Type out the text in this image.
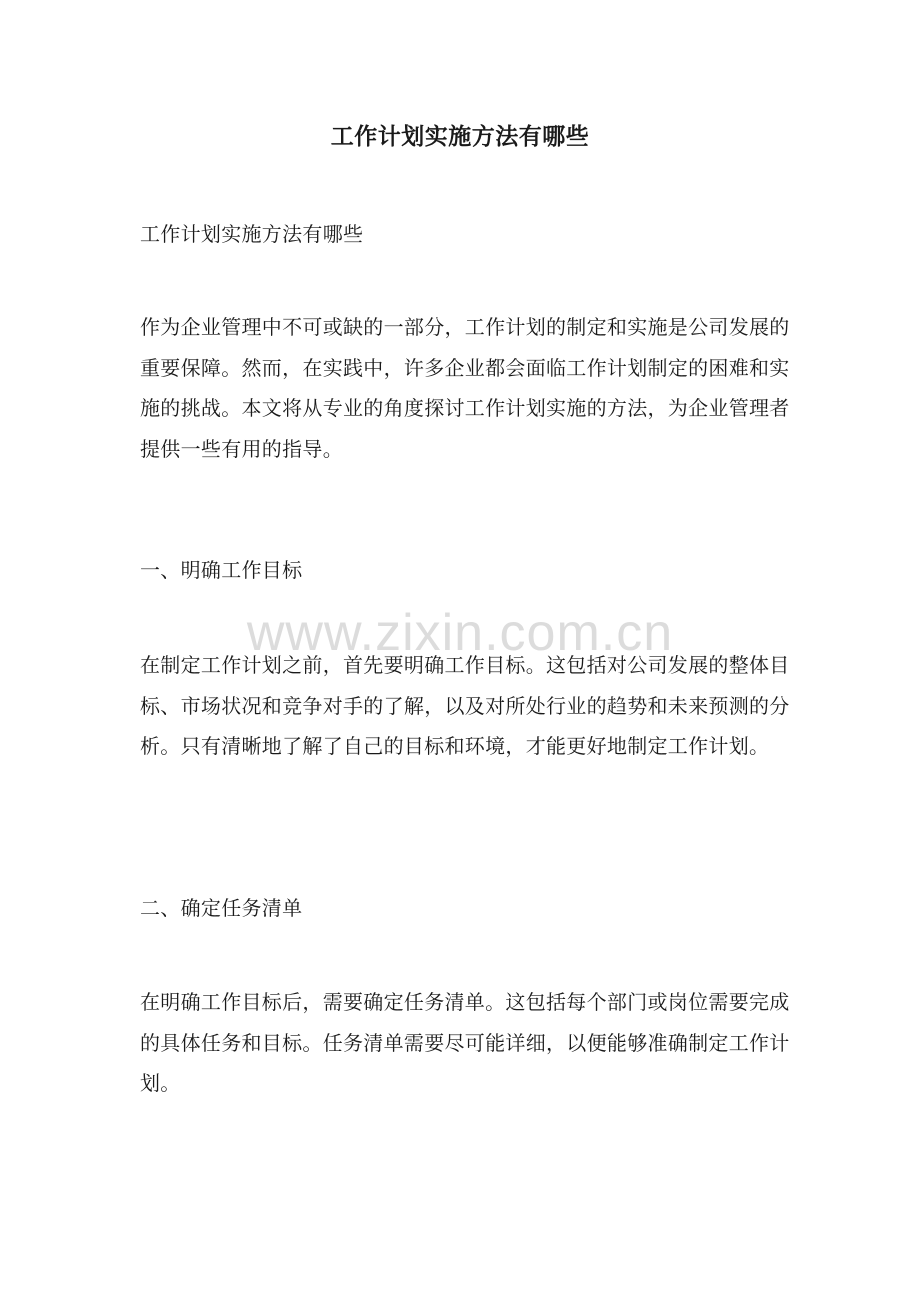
工作计划实施方法有哪些

工作计划实施方法有哪些

作为企业管理中不可或缺的一部分，工作计划的制定和实施是公司发展的重要保障。然而，在实践中，许多企业都会面临工作计划制定的困难和实施的挑战。本文将从专业的角度探讨工作计划实施的方法，为企业管理者提供一些有用的指导。

一、明确工作目标

在制定工作计划之前，首先要明确工作目标。这包括对公司发展的整体目标、市场状况和竞争对手的了解，以及对所处行业的趋势和未来预测的分析。只有清晰地了解了自己的目标和环境，才能更好地制定工作计划。

二、确定任务清单

在明确工作目标后，需要确定任务清单。这包括每个部门或岗位需要完成的具体任务和目标。任务清单需要尽可能详细，以便能够准确制定工作计划。

www.zixin.com.cn
